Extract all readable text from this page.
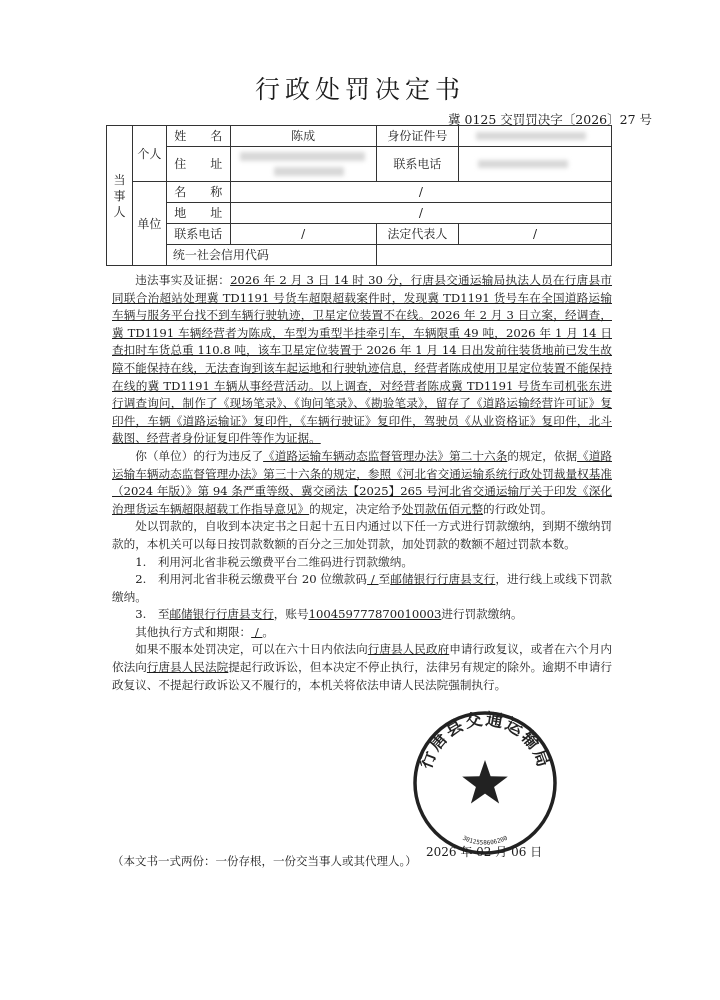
行政处罚决定书
冀 0125 交罚罚决字〔2026〕27 号
当事人	个人	姓　　名	陈成	身份证件号	
		住　　址		联系电话	
	单位	名　　称	/		
		地　　址	/		
		联系电话	/	法定代表人	/
		统一社会信用代码			

违法事实及证据：2026 年 2 月 3 日 14 时 30 分，行唐县交通运输局执法人员在行唐县市同联合治超站处理冀 TD1191 号货车超限超载案件时，发现冀 TD1191 货号车在全国道路运输车辆与服务平台找不到车辆行驶轨迹，卫星定位装置不在线。2026 年 2 月 3 日立案，经调查，冀 TD1191 车辆经营者为陈成，车型为重型半挂牵引车，车辆限重 49 吨，2026 年 1 月 14 日查扣时车货总重 110.8 吨，该车卫星定位装置于 2026 年 1 月 14 日出发前往装货地前已发生故障不能保持在线，无法查询到该车起运地和行驶轨迹信息，经营者陈成使用卫星定位装置不能保持在线的冀 TD1191 车辆从事经营活动。以上调查，对经营者陈成冀 TD1191 号货车司机张东进行调查询问，制作了《现场笔录》、《询问笔录》、《勘验笔录》，留存了《道路运输经营许可证》复印件，车辆《道路运输证》复印件，《车辆行驶证》复印件，驾驶员《从业资格证》复印件，北斗截图、经营者身份证复印件等作为证据。

你（单位）的行为违反了《道路运输车辆动态监督管理办法》第二十六条的规定，依据《道路运输车辆动态监督管理办法》第三十六条的规定，参照《河北省交通运输系统行政处罚裁量权基准（2024 年版）》第 94 条严重等级、冀交函法【2025】265 号河北省交通运输厅关于印发《深化治理货运车辆超限超载工作指导意见》的规定，决定给予处罚款伍佰元整的行政处罚。

处以罚款的，自收到本决定书之日起十五日内通过以下任一方式进行罚款缴纳，到期不缴纳罚款的，本机关可以每日按罚款数额的百分之三加处罚款，加处罚款的数额不超过罚款本数。

1.　利用河北省非税云缴费平台二维码进行罚款缴纳。

2.　利用河北省非税云缴费平台 20 位缴款码 / 至邮储银行行唐县支行，进行线上或线下罚款缴纳。

3.　至邮储银行行唐县支行，账号100459777870010003进行罚款缴纳。

其他执行方式和期限： / 。

如果不服本处罚决定，可以在六十日内依法向行唐县人民政府申请行政复议，或者在六个月内依法向行唐县人民法院提起行政诉讼，但本决定不停止执行，法律另有规定的除外。逾期不申请行政复议、不提起行政诉讼又不履行的，本机关将依法申请人民法院强制执行。

行唐县交通运输局
3012558606200
2026 年 02 月 06 日
（本文书一式两份：一份存根，一份交当事人或其代理人。）
